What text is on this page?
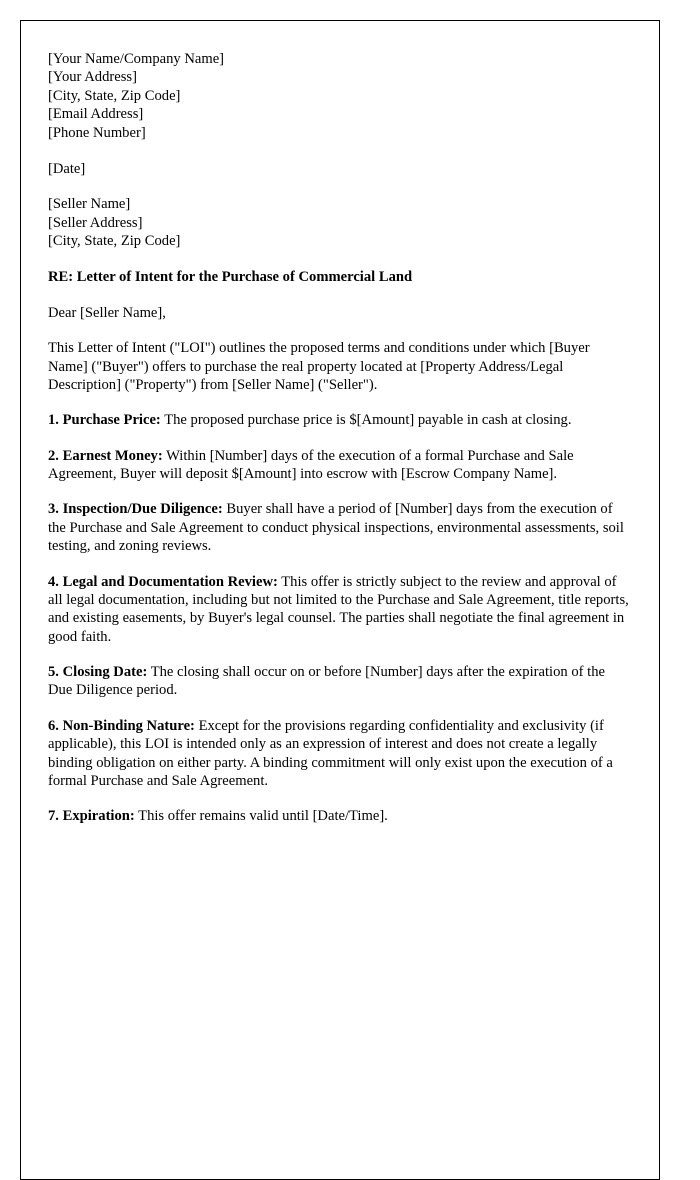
[Your Name/Company Name]
[Your Address]
[City, State, Zip Code]
[Email Address]
[Phone Number]

[Date]

[Seller Name]
[Seller Address]
[City, State, Zip Code]

RE: Letter of Intent for the Purchase of Commercial Land

Dear [Seller Name],

This Letter of Intent ("LOI") outlines the proposed terms and conditions under which [Buyer Name] ("Buyer") offers to purchase the real property located at [Property Address/Legal Description] ("Property") from [Seller Name] ("Seller").

1. Purchase Price: The proposed purchase price is $[Amount] payable in cash at closing.

2. Earnest Money: Within [Number] days of the execution of a formal Purchase and Sale Agreement, Buyer will deposit $[Amount] into escrow with [Escrow Company Name].

3. Inspection/Due Diligence: Buyer shall have a period of [Number] days from the execution of the Purchase and Sale Agreement to conduct physical inspections, environmental assessments, soil testing, and zoning reviews.

4. Legal and Documentation Review: This offer is strictly subject to the review and approval of all legal documentation, including but not limited to the Purchase and Sale Agreement, title reports, and existing easements, by Buyer's legal counsel. The parties shall negotiate the final agreement in good faith.

5. Closing Date: The closing shall occur on or before [Number] days after the expiration of the Due Diligence period.

6. Non-Binding Nature: Except for the provisions regarding confidentiality and exclusivity (if applicable), this LOI is intended only as an expression of interest and does not create a legally binding obligation on either party. A binding commitment will only exist upon the execution of a formal Purchase and Sale Agreement.

7. Expiration: This offer remains valid until [Date/Time].
